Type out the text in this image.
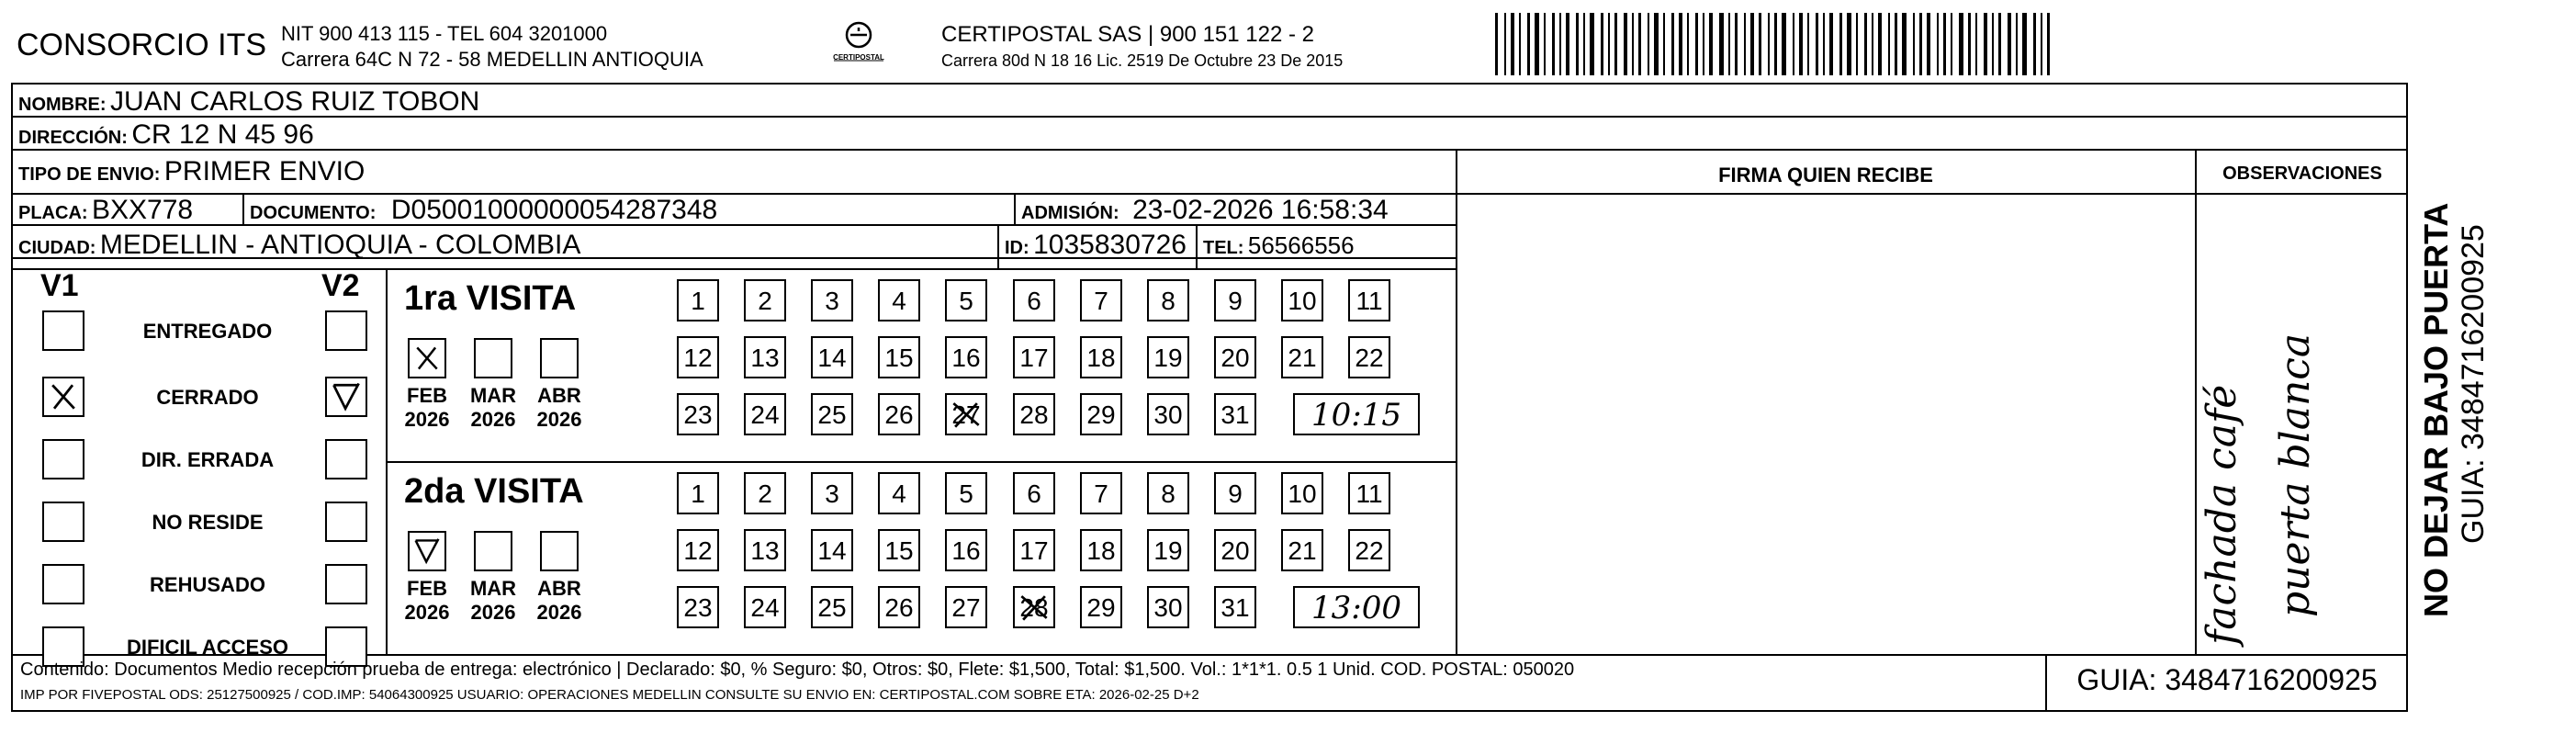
CONSORCIO ITS NIT 900 413 115 - TEL 604 3201000
Carrera 64C N 72 - 58 MEDELLIN ANTIOQUIA	CERTIPOSTAL
CERTIPOSTAL SAS | 900 151 122 - 2
Carrera 80d N 18 16 Lic. 2519 De Octubre 23 De 2015
NOMBRE: JUAN CARLOS RUIZ TOBON
DIRECCIÓN: CR 12 N 45 96
TIPO DE ENVIO: PRIMER ENVIO
PLACA: BXX778	DOCUMENTO: D05001000000054287348	ADMISIÓN: 23-02-2026 16:58:34
CIUDAD: MEDELLIN - ANTIOQUIA - COLOMBIA	ID: 1035830726 TEL: 56566556
FIRMA QUIEN RECIBE	OBSERVACIONES
fachada café puerta blanca	NO DEJAR BAJO PUERTA GUIA: 3484716200925
V1	V2
ENTREGADO
CERRADO
DIR. ERRADA
NO RESIDE
REHUSADO
DIFICIL ACCESO
1ra VISITA
FEB
2026
MAR
2026
ABR
2026
1	2	3	4	5	6	7	8	9	10	11
12 13 14 15 16 17 18 19 20 21 22
23 24 25 26 27 28 29 30 31	10:15
2da VISITA
FEB
2026
MAR
2026
ABR
2026
1	2	3	4	5	6	7	8	9	10	11
12 13 14 15 16 17 18 19 20 21 22
23 24 25 26 27 28 29 30 31	13:00
Contenido: Documentos Medio recepción prueba de entrega: electrónico | Declarado: $0, % Seguro: $0, Otros: $0, Flete: $1,500, Total: $1,500. Vol.: 1*1*1. 0.5 1 Unid. COD. POSTAL: 050020
IMP POR FIVEPOSTAL ODS: 25127500925 / COD.IMP: 54064300925 USUARIO: OPERACIONES MEDELLIN CONSULTE SU ENVIO EN: CERTIPOSTAL.COM SOBRE ETA: 2026-02-25 D+2	GUIA: 3484716200925
